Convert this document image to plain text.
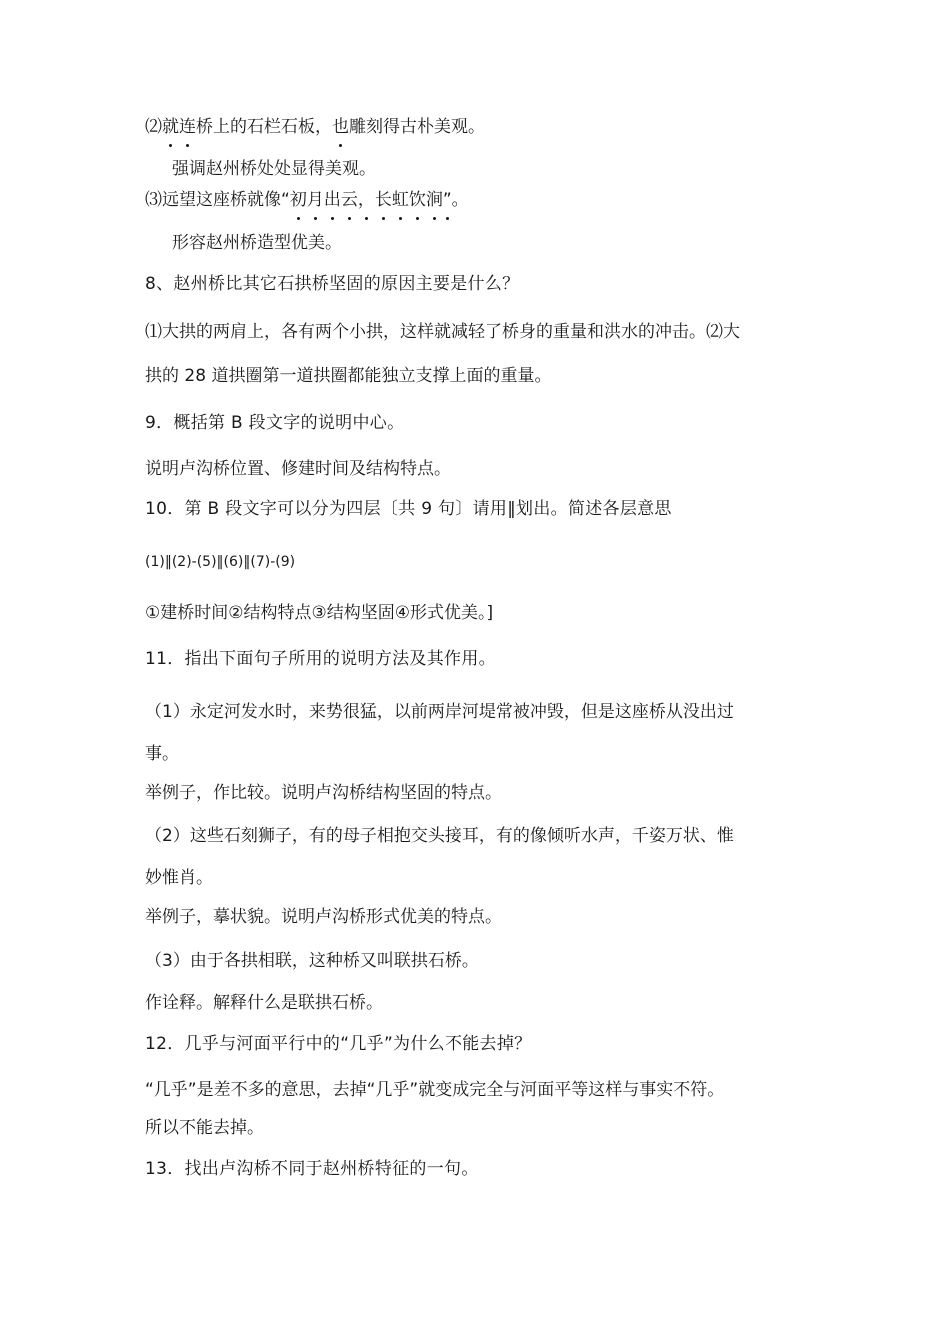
⑵就连桥上的石栏石板，也雕刻得古朴美观。
强调赵州桥处处显得美观。
⑶远望这座桥就像“初月出云，长虹饮涧”。
形容赵州桥造型优美。
8、赵州桥比其它石拱桥坚固的原因主要是什么？
⑴大拱的两肩上，各有两个小拱，这样就减轻了桥身的重量和洪水的冲击。⑵大
拱的 28 道拱圈第一道拱圈都能独立支撑上面的重量。
9．概括第 B 段文字的说明中心。
说明卢沟桥位置、修建时间及结构特点。
10．第 B 段文字可以分为四层〔共 9 句〕请用‖划出。简述各层意思
(1)‖(2)-(5)‖(6)‖(7)-(9)
①建桥时间②结构特点③结构坚固④形式优美。]
11．指出下面句子所用的说明方法及其作用。
（1）永定河发水时，来势很猛，以前两岸河堤常被冲毁，但是这座桥从没出过
事。
举例子，作比较。说明卢沟桥结构坚固的特点。
（2）这些石刻狮子，有的母子相抱交头接耳，有的像倾听水声，千姿万状、惟
妙惟肖。
举例子，摹状貌。说明卢沟桥形式优美的特点。
（3）由于各拱相联，这种桥又叫联拱石桥。
作诠释。解释什么是联拱石桥。
12．几乎与河面平行中的“几乎”为什么不能去掉？
“几乎”是差不多的意思，去掉“几乎”就变成完全与河面平等这样与事实不符。
所以不能去掉。
13．找出卢沟桥不同于赵州桥特征的一句。
